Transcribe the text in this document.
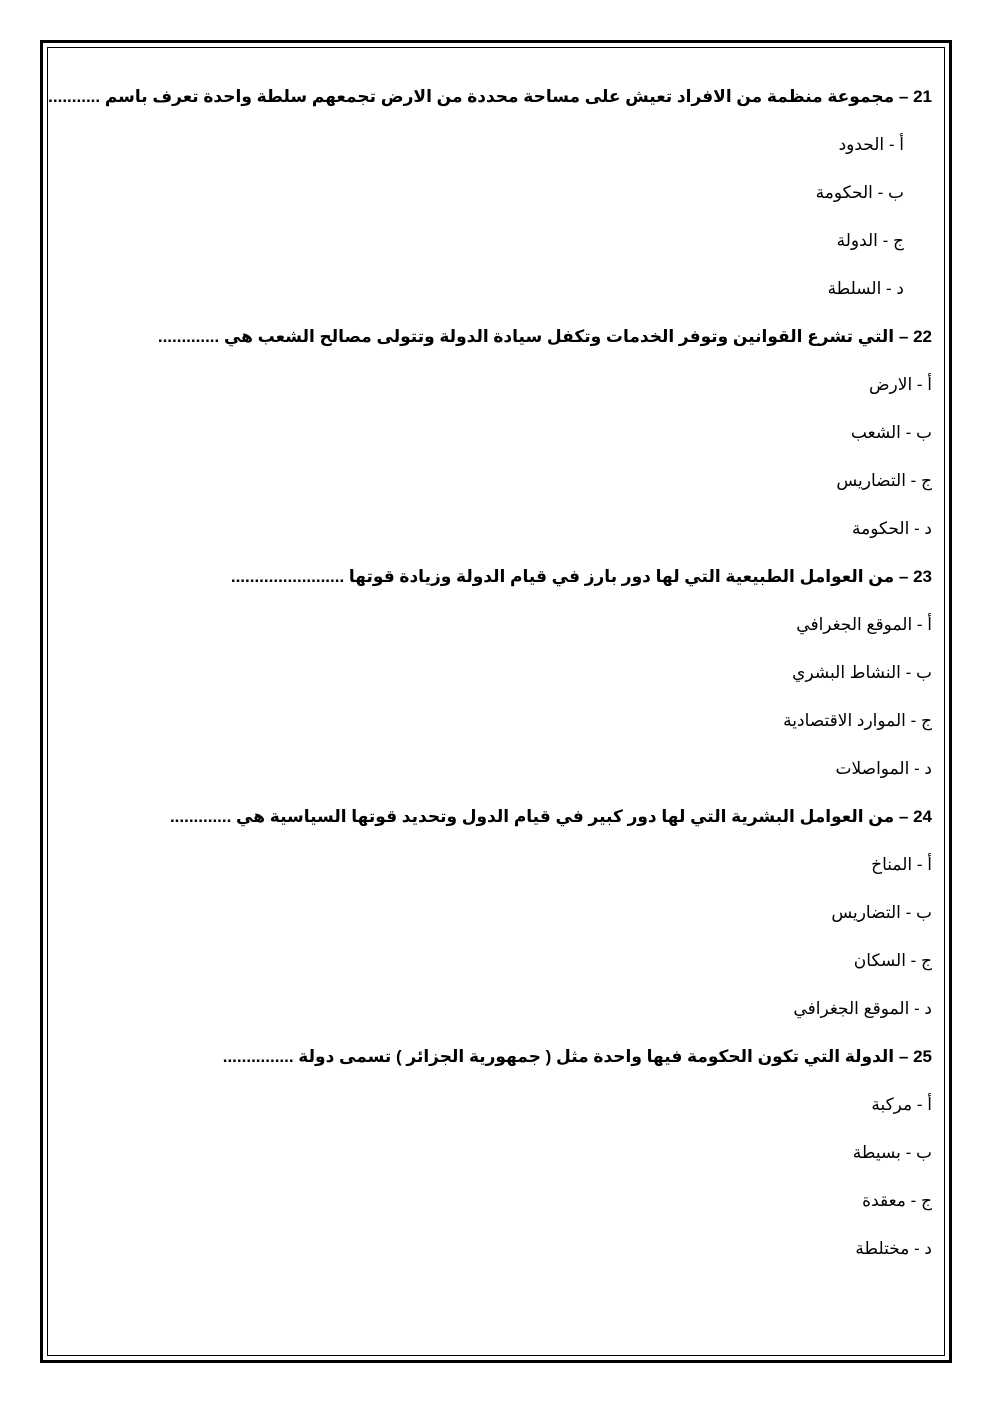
21 – مجموعة منظمة من الافراد تعيش على مساحة محددة من الارض تجمعهم سلطة واحدة تعرف باسم ...........
أ - الحدود
ب - الحكومة
ج - الدولة
د - السلطة
22 – التي تشرع القوانين وتوفر الخدمات وتكفل سيادة الدولة وتتولى مصالح الشعب هي .............
أ - الارض
ب - الشعب
ج - التضاريس
د - الحكومة
23 – من العوامل الطبيعية التي لها دور بارز في قيام الدولة وزيادة قوتها ........................
أ - الموقع الجغرافي
ب - النشاط البشري
ج - الموارد الاقتصادية
د - المواصلات
24 – من العوامل البشرية التي لها دور كبير في قيام الدول وتحديد قوتها السياسية هي .............
أ - المناخ
ب - التضاريس
ج - السكان
د - الموقع الجغرافي
25 – الدولة التي تكون الحكومة فيها واحدة مثل ( جمهورية الجزائر ) تسمى دولة ...............
أ - مركبة
ب - بسيطة
ج - معقدة
د - مختلطة
